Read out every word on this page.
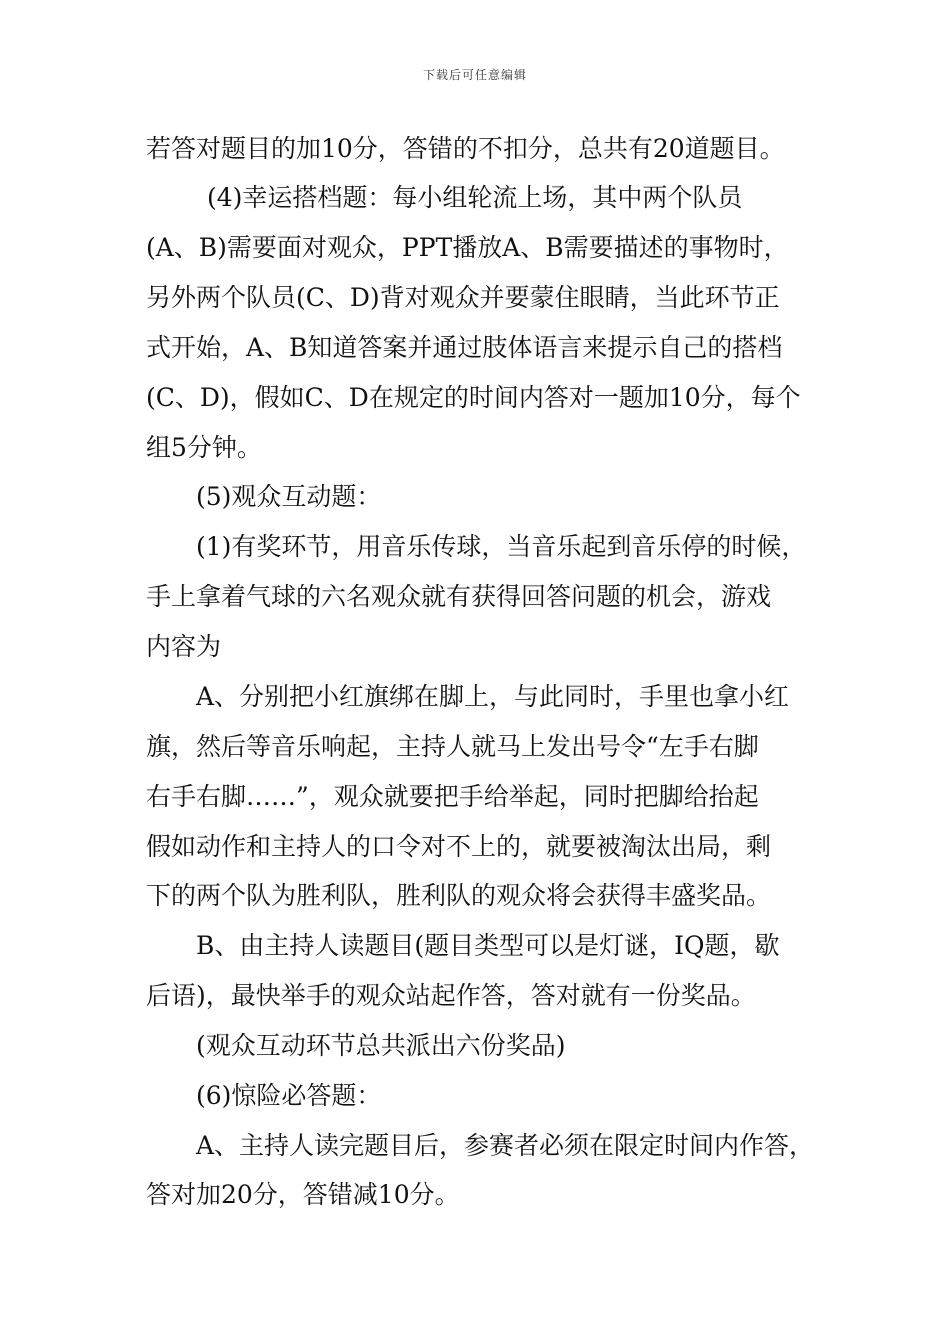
下载后可任意编辑
若答对题目的加10分，答错的不扣分，总共有20道题目。
(4)幸运搭档题：每小组轮流上场，其中两个队员
(A、B)需要面对观众，PPT播放A、B需要描述的事物时，
另外两个队员(C、D)背对观众并要蒙住眼睛，当此环节正
式开始，A、B知道答案并通过肢体语言来提示自己的搭档
(C、D)，假如C、D在规定的时间内答对一题加10分，每个
组5分钟。
(5)观众互动题：
(1)有奖环节，用音乐传球，当音乐起到音乐停的时候，
手上拿着气球的六名观众就有获得回答问题的机会，游戏
内容为
A、分别把小红旗绑在脚上，与此同时，手里也拿小红
旗，然后等音乐响起，主持人就马上发出号令“左手右脚
右手右脚……”，观众就要把手给举起，同时把脚给抬起
假如动作和主持人的口令对不上的，就要被淘汰出局，剩
下的两个队为胜利队，胜利队的观众将会获得丰盛奖品。
B、由主持人读题目(题目类型可以是灯谜，IQ题，歇
后语)，最快举手的观众站起作答，答对就有一份奖品。
(观众互动环节总共派出六份奖品)
(6)惊险必答题：
A、主持人读完题目后，参赛者必须在限定时间内作答，
答对加20分，答错减10分。
